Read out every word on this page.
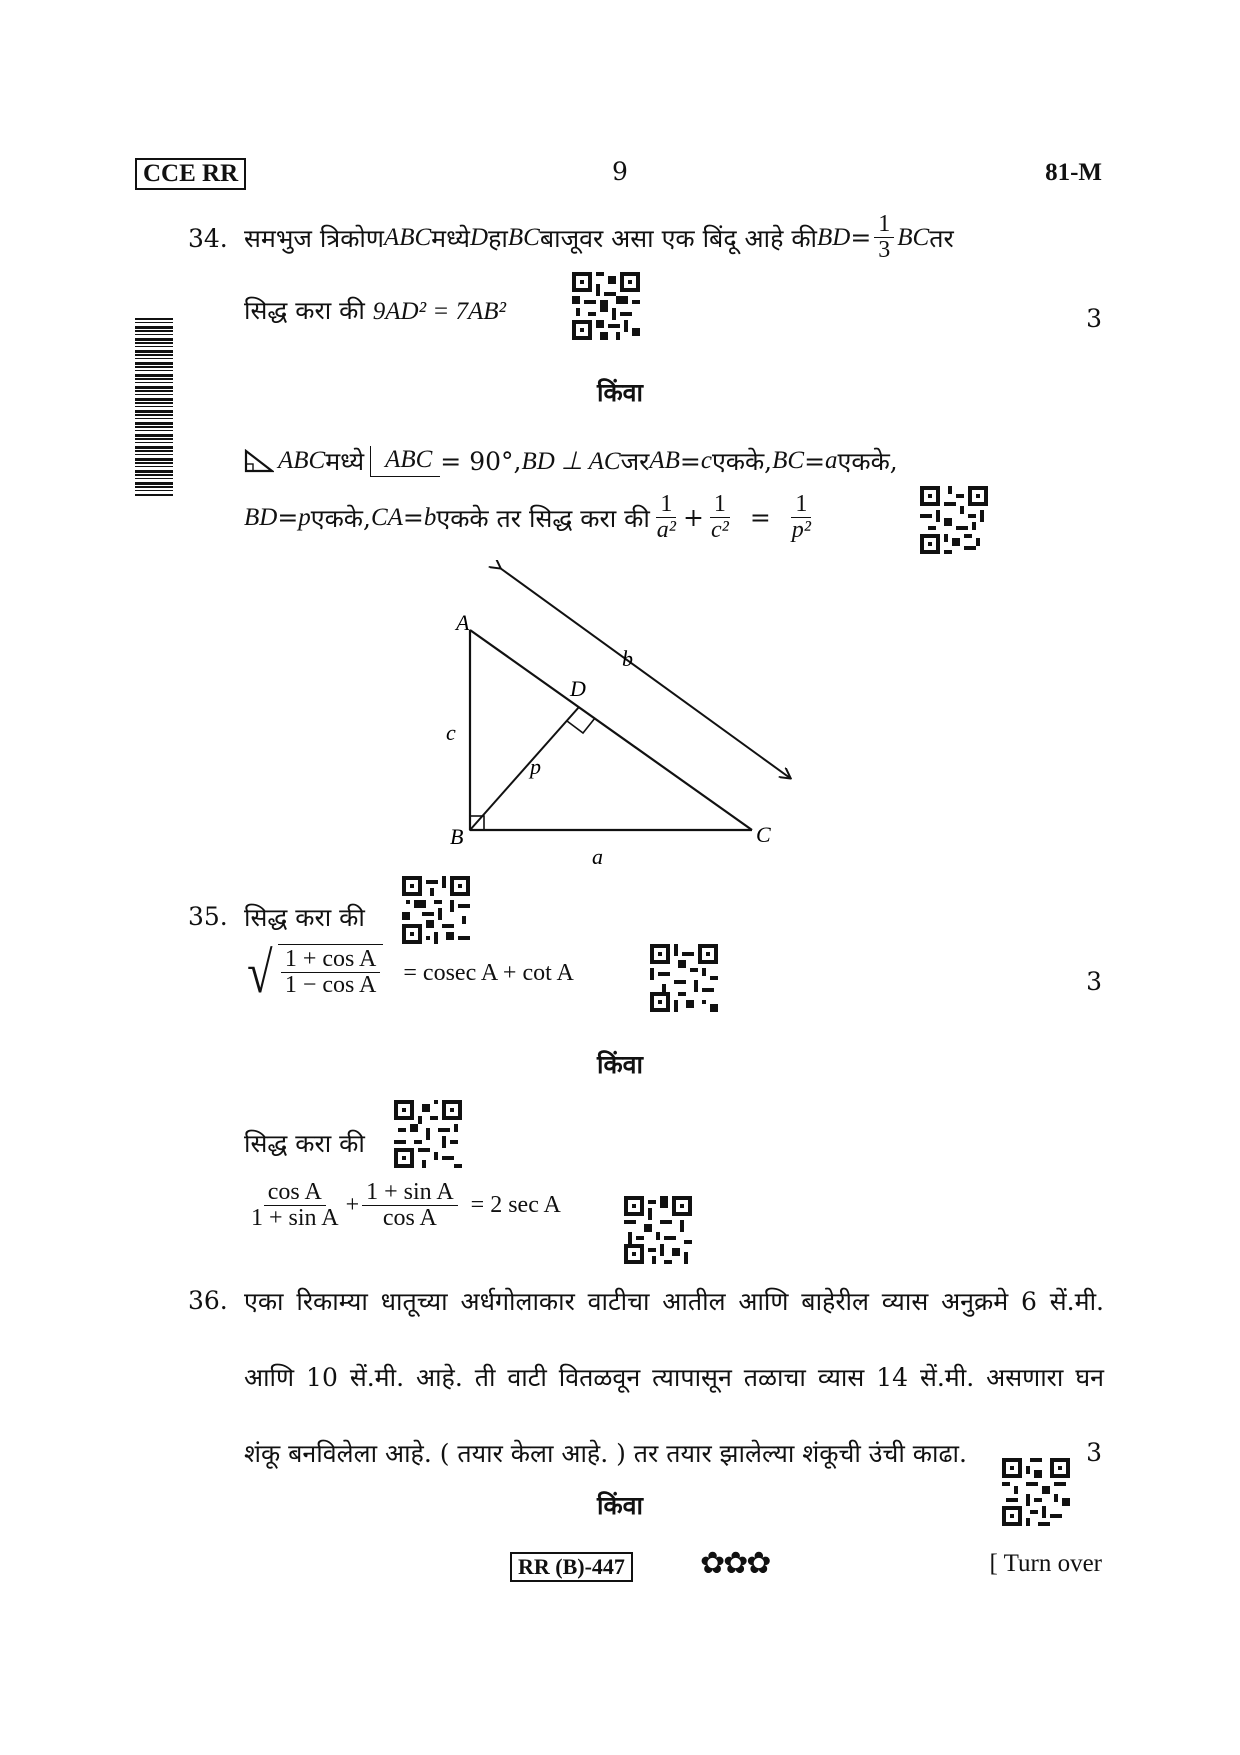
CCE RR	9	81-M
34. समभुज त्रिकोण ABC मध्ये D हा BC बाजूवर असा एक बिंदू आहे की BD = $\frac{1}{3}$ BC तर
सिद्ध करा की 9AD² = 7AB²	3
किंवा
ABC मध्ये ABC = 90°, BD ⊥ AC जर AB = c एकके, BC = a एकके,
BD = p एकके, CA = b एकके तर सिद्ध करा की $\frac{1}{\text{a²}} + \frac{1}{\text{c²}} = \frac{1}{\text{p²}}$
A
B	C
D
a
b
c
p
35. सिद्ध करा की
√ $\frac{\text{1 + cos A}}{\text{1 − cos A}} = cosec$ A + cot A	3
किंवा
सिद्ध करा की
$\frac{\text{cos A}}{\text{1 + sin A}} + \frac{\text{1 + sin A}}{\text{cos A}} = 2$ sec A
36. एका रिकाम्या धातूच्या अर्धगोलाकार वाटीचा आतील आणि बाहेरील व्यास अनुक्रमे 6 सें.मी.
आणि 10 सें.मी. आहे. ती वाटी वितळवून त्यापासून तळाचा व्यास 14 सें.मी. असणारा घन
शंकू बनविलेला आहे. ( तयार केला आहे. ) तर तयार झालेल्या शंकूची उंची काढा.	3
किंवा
RR (B)-447	✿✿✿	[ Turn over
